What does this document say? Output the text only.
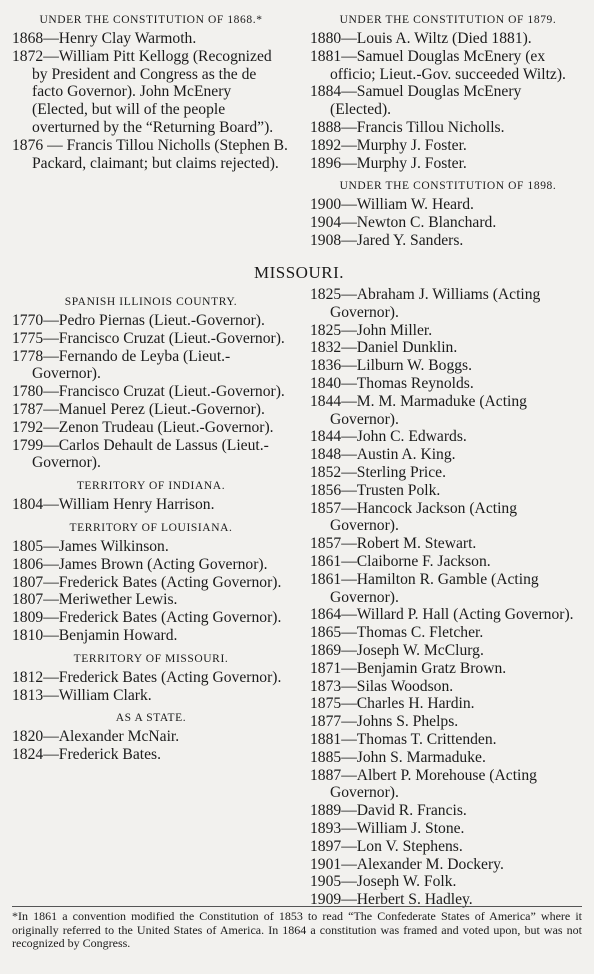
UNDER THE CONSTITUTION OF 1868.*

1868—Henry Clay Warmoth.

1872—William Pitt Kellogg (Recognized by President and Congress as the de facto Governor). John McEnery (Elected, but will of the people overturned by the “Returning Board”).

1876 — Francis Tillou Nicholls (Stephen B. Packard, claimant; but claims rejected).

UNDER THE CONSTITUTION OF 1879.

1880—Louis A. Wiltz (Died 1881).

1881—Samuel Douglas McEnery (ex officio; Lieut.-Gov. succeeded Wiltz).

1884—Samuel Douglas McEnery (Elected).

1888—Francis Tillou Nicholls.

1892—Murphy J. Foster.

1896—Murphy J. Foster.

UNDER THE CONSTITUTION OF 1898.

1900—William W. Heard.

1904—Newton C. Blanchard.

1908—Jared Y. Sanders.

MISSOURI.

SPANISH ILLINOIS COUNTRY.

1770—Pedro Piernas (Lieut.-Governor).

1775—Francisco Cruzat (Lieut.-Governor).

1778—Fernando de Leyba (Lieut.-Governor).

1780—Francisco Cruzat (Lieut.-Governor).

1787—Manuel Perez (Lieut.-Governor).

1792—Zenon Trudeau (Lieut.-Governor).

1799—Carlos Dehault de Lassus (Lieut.-Governor).

TERRITORY OF INDIANA.

1804—William Henry Harrison.

TERRITORY OF LOUISIANA.

1805—James Wilkinson.

1806—James Brown (Acting Governor).

1807—Frederick Bates (Acting Governor).

1807—Meriwether Lewis.

1809—Frederick Bates (Acting Governor).

1810—Benjamin Howard.

TERRITORY OF MISSOURI.

1812—Frederick Bates (Acting Governor).

1813—William Clark.

AS A STATE.

1820—Alexander McNair.

1824—Frederick Bates.

1825—Abraham J. Williams (Acting Governor).

1825—John Miller.

1832—Daniel Dunklin.

1836—Lilburn W. Boggs.

1840—Thomas Reynolds.

1844—M. M. Marmaduke (Acting Governor).

1844—John C. Edwards.

1848—Austin A. King.

1852—Sterling Price.

1856—Trusten Polk.

1857—Hancock Jackson (Acting Governor).

1857—Robert M. Stewart.

1861—Claiborne F. Jackson.

1861—Hamilton R. Gamble (Acting Governor).

1864—Willard P. Hall (Acting Governor).

1865—Thomas C. Fletcher.

1869—Joseph W. McClurg.

1871—Benjamin Gratz Brown.

1873—Silas Woodson.

1875—Charles H. Hardin.

1877—Johns S. Phelps.

1881—Thomas T. Crittenden.

1885—John S. Marmaduke.

1887—Albert P. Morehouse (Acting Governor).

1889—David R. Francis.

1893—William J. Stone.

1897—Lon V. Stephens.

1901—Alexander M. Dockery.

1905—Joseph W. Folk.

1909—Herbert S. Hadley.

*In 1861 a convention modified the Constitution of 1853 to read “The Confederate States of America” where it originally referred to the United States of America. In 1864 a constitution was framed and voted upon, but was not recognized by Congress.
